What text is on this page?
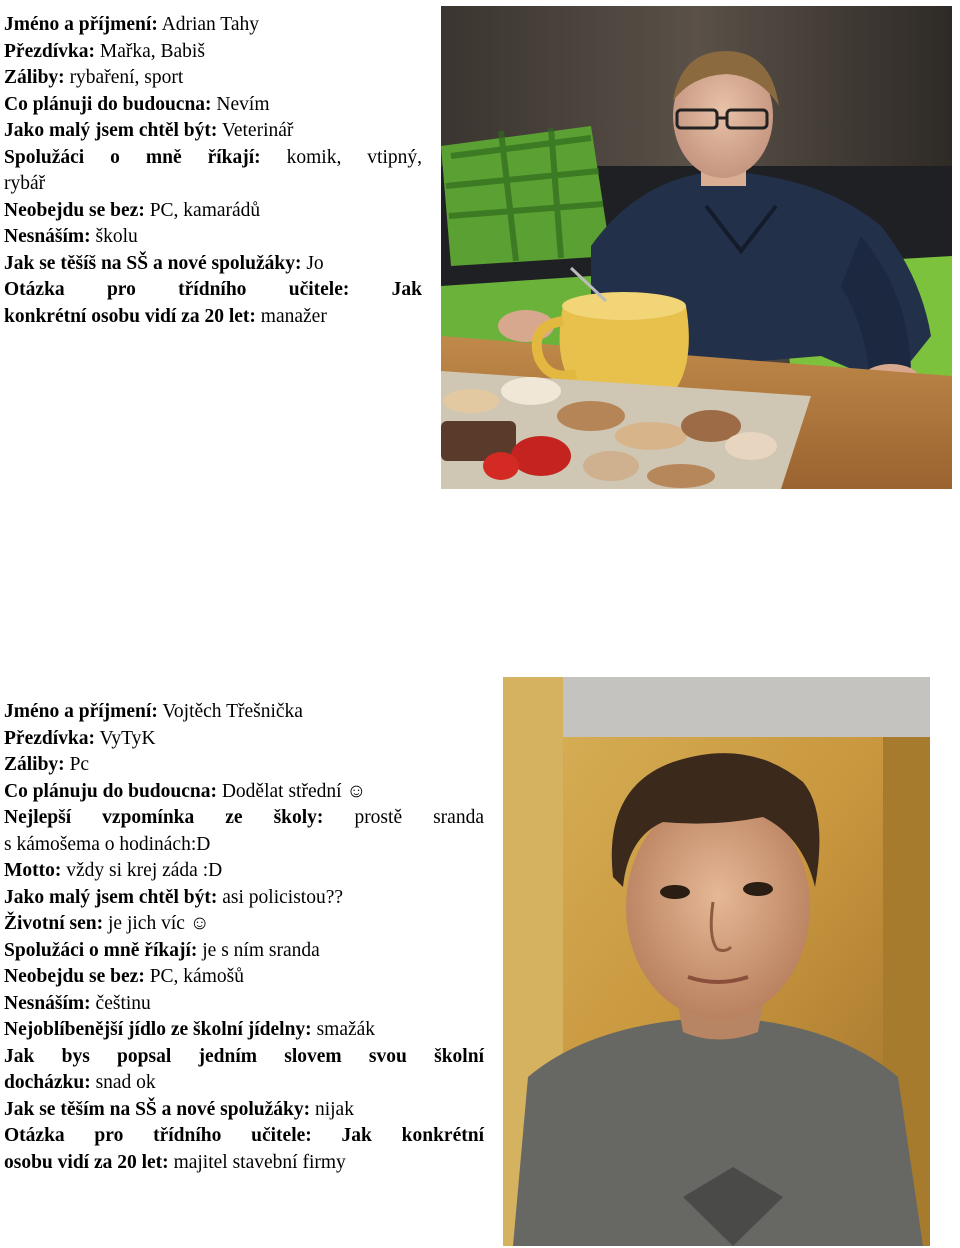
Jméno a příjmení: Adrian Tahy
Přezdívka: Mařka, Babiš
Záliby: rybaření, sport
Co plánuji do budoucna: Nevím
Jako malý jsem chtěl být: Veterinář
Spolužáci o mně říkají: komik, vtipný,
rybář
Neobejdu se bez: PC, kamarádů
Nesnáším: školu
Jak se těšíš na SŠ a nové spolužáky: Jo
Otázka pro třídního učitele: Jak
konkrétní osobu vidí za 20 let: manažer
Jméno a příjmení: Vojtěch Třešnička
Přezdívka: VyTyK
Záliby: Pc
Co plánuju do budoucna: Dodělat střední ☺
Nejlepší vzpomínka ze školy: prostě sranda
s kámošema o hodinách:D
Motto: vždy si krej záda :D
Jako malý jsem chtěl být: asi policistou??
Životní sen: je jich víc ☺
Spolužáci o mně říkají: je s ním sranda
Neobejdu se bez: PC, kámošů
Nesnáším: češtinu
Nejoblíbenější jídlo ze školní jídelny: smažák
Jak bys popsal jedním slovem svou školní
docházku: snad ok
Jak se těším na SŠ a nové spolužáky: nijak
Otázka pro třídního učitele: Jak konkrétní
osobu vidí za 20 let: majitel stavební firmy
